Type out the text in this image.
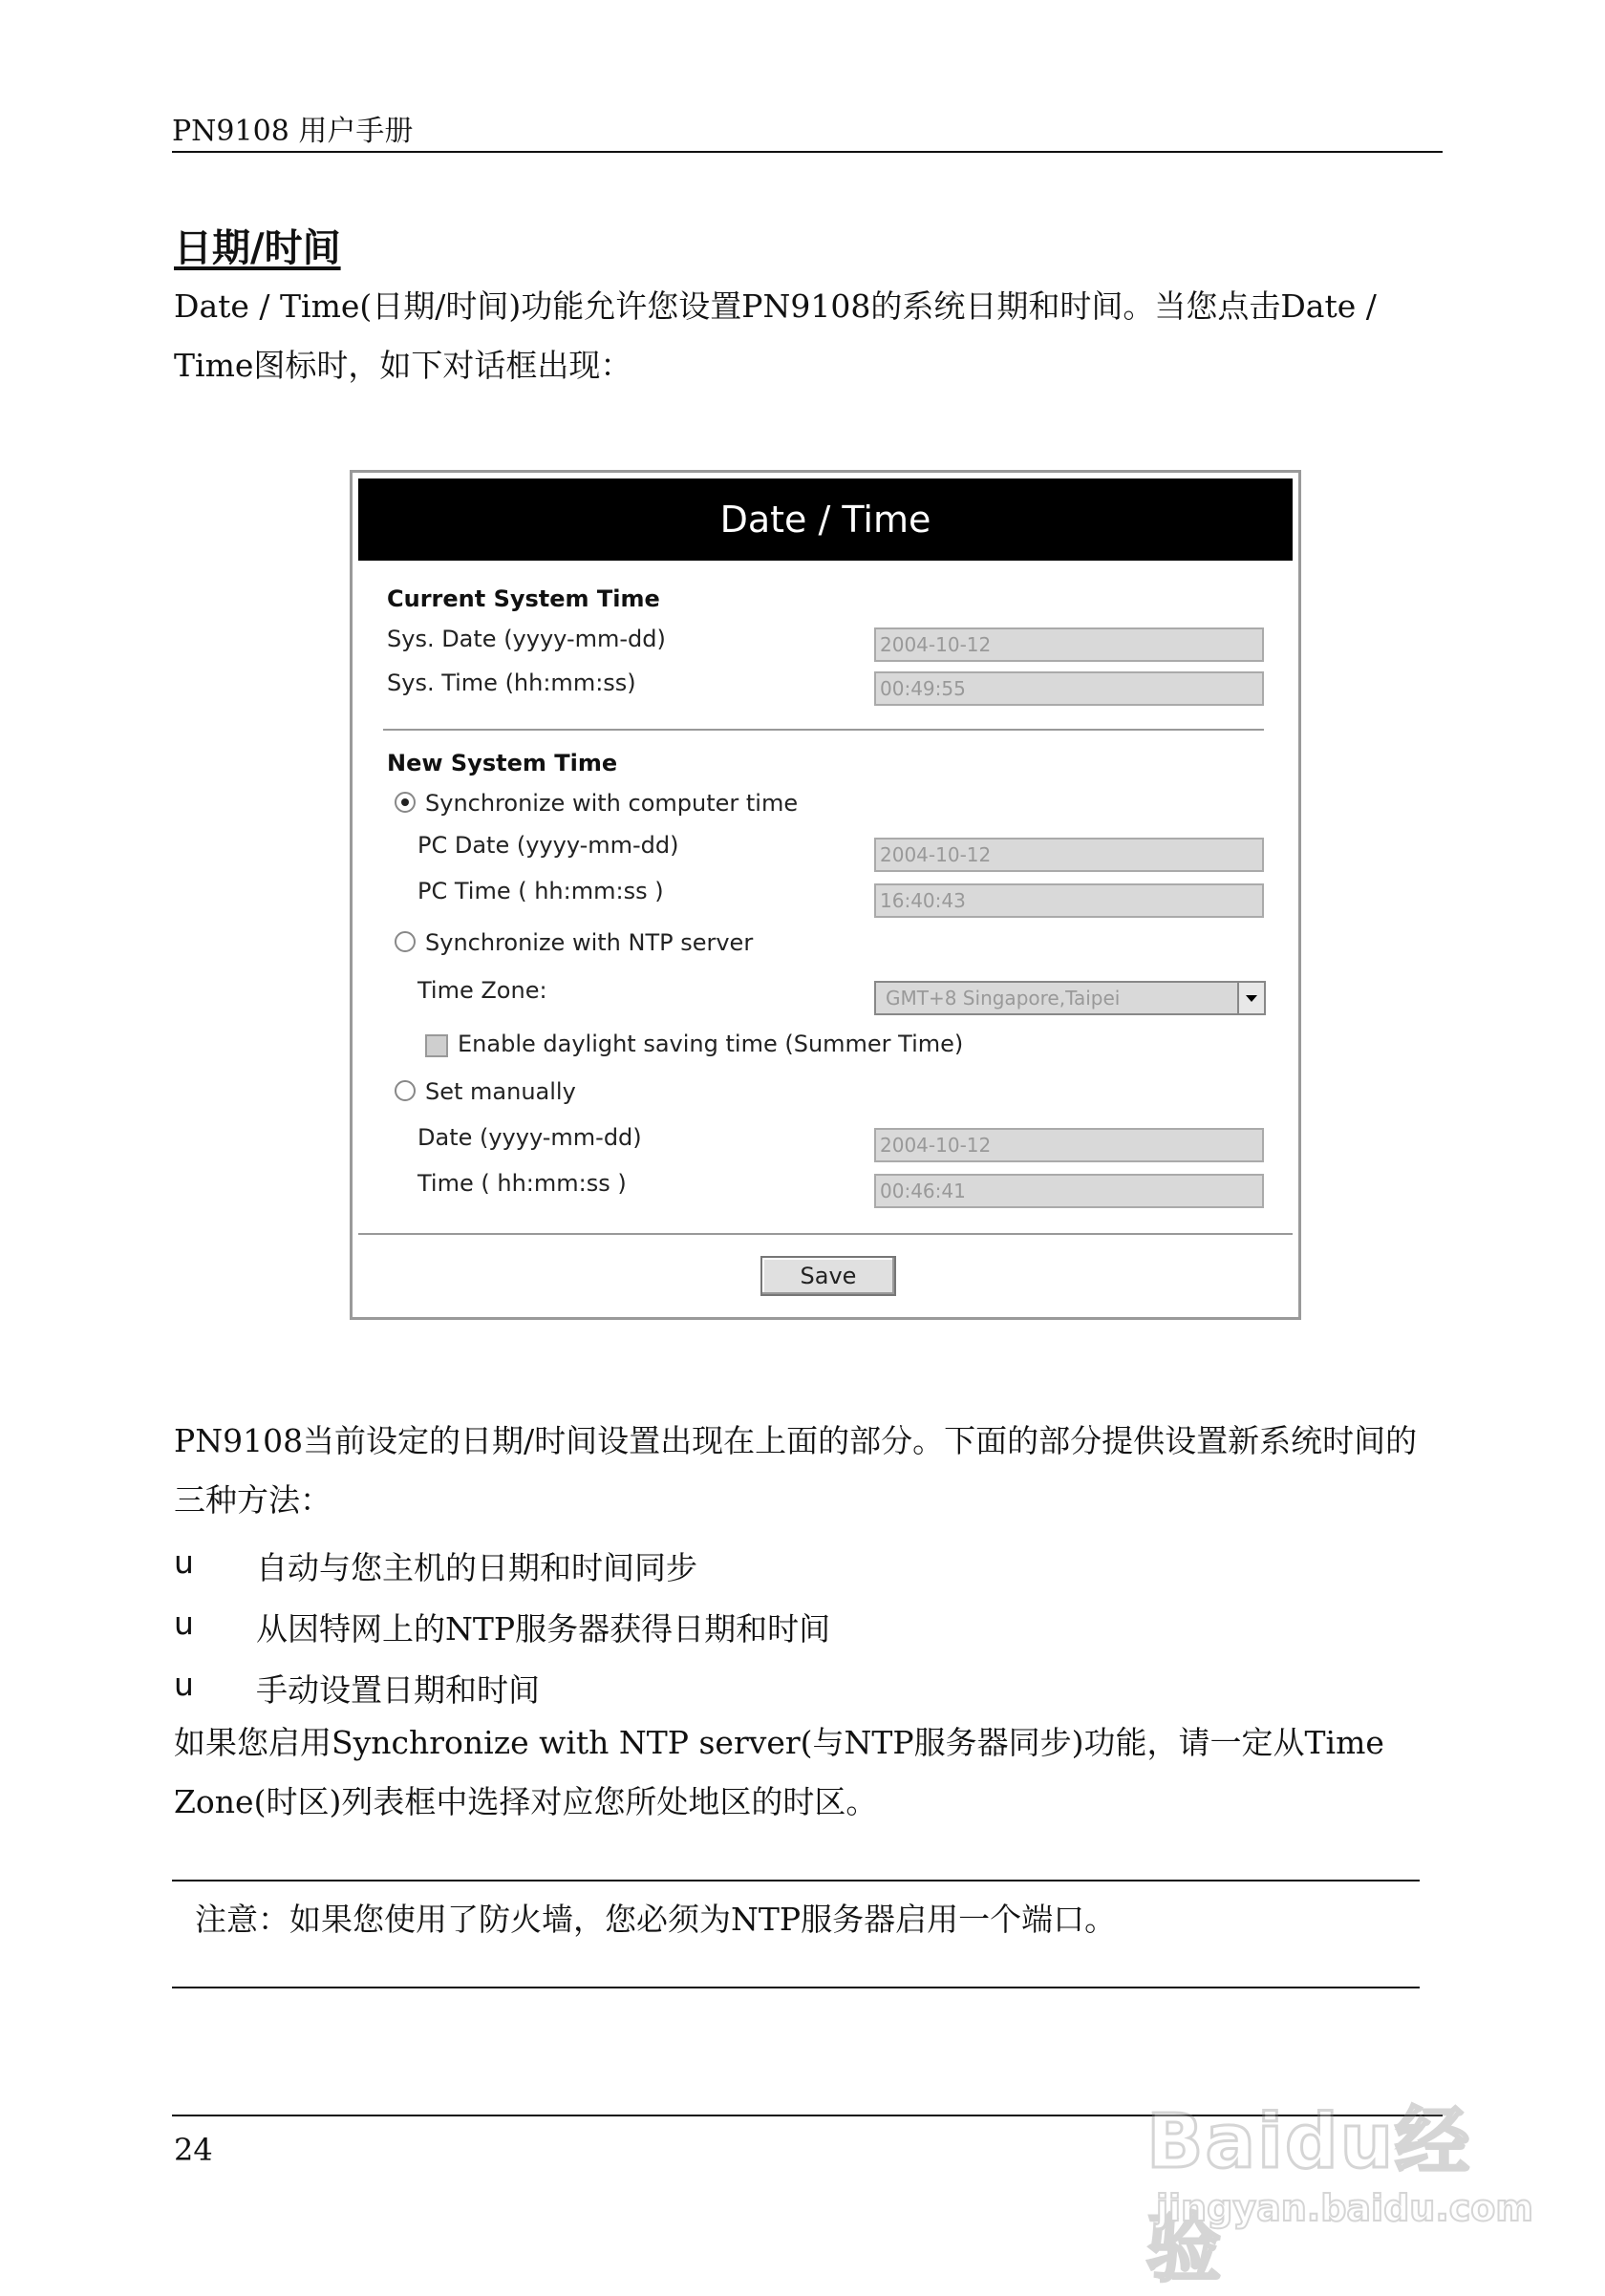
PN9108 用户手册
日期/时间
Date / Time(日期/时间)功能允许您设置PN9108的系统日期和时间。当您点击Date / Time图标时，如下对话框出现：
Date / Time
Current System Time
Sys. Date (yyyy-mm-dd)	2004-10-12
Sys. Time (hh:mm:ss)	00:49:55
New System Time
Synchronize with computer time
PC Date (yyyy-mm-dd)	2004-10-12
PC Time ( hh:mm:ss )	16:40:43
Synchronize with NTP server
Time Zone:	GMT+8 Singapore,Taipei
Enable daylight saving time (Summer Time)
Set manually
Date (yyyy-mm-dd)	2004-10-12
Time ( hh:mm:ss )	00:46:41
Save
PN9108当前设定的日期/时间设置出现在上面的部分。下面的部分提供设置新系统时间的三种方法：
u 自动与您主机的日期和时间同步
u 从因特网上的NTP服务器获得日期和时间
u 手动设置日期和时间
如果您启用Synchronize with NTP server(与NTP服务器同步)功能，请一定从Time Zone(时区)列表框中选择对应您所处地区的时区。
注意：如果您使用了防火墙，您必须为NTP服务器启用一个端口。
24	Baidu经验
jingyan.baidu.com
